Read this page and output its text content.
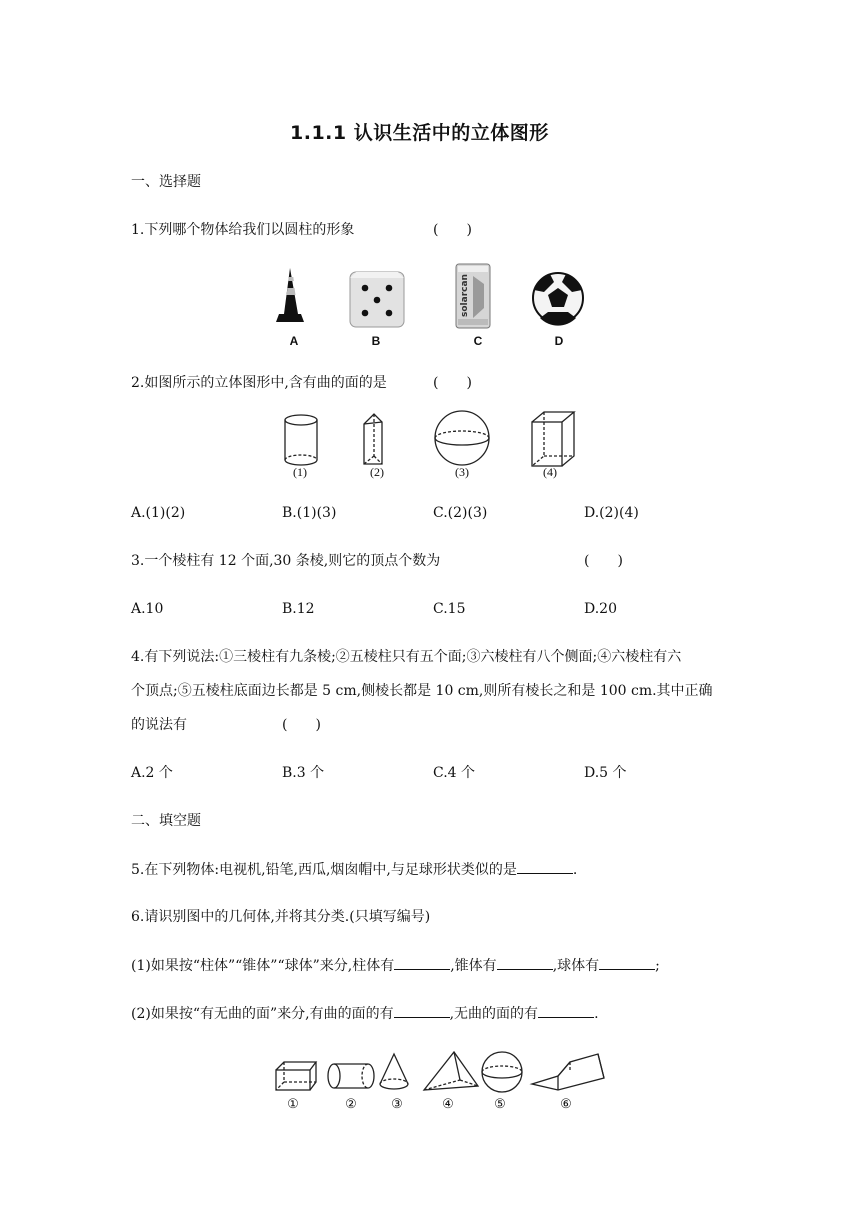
1.1.1 认识生活中的立体图形
一、选择题
1.下列哪个物体给我们以圆柱的形象	(　　)
solarcan
A	B	C	D
2.如图所示的立体图形中,含有曲的面的是	(　　)
(1)	(2)	(3)	(4)
A.(1)(2)	B.(1)(3)	C.(2)(3)	D.(2)(4)
3.一个棱柱有 12 个面,30 条棱,则它的顶点个数为	(　　)
A.10	B.12	C.15	D.20
4.有下列说法:①三棱柱有九条棱;②五棱柱只有五个面;③六棱柱有八个侧面;④六棱柱有六
个顶点;⑤五棱柱底面边长都是 5 cm,侧棱长都是 10 cm,则所有棱长之和是 100 cm.其中正确
的说法有	(　　)
A.2 个	B.3 个	C.4 个	D.5 个
二、填空题
5.在下列物体:电视机,铅笔,西瓜,烟囱帽中,与足球形状类似的是	.
6.请识别图中的几何体,并将其分类.(只填写编号)
(1)如果按“柱体”“锥体”“球体”来分,柱体有	,锥体有	,球体有	;
(2)如果按“有无曲的面”来分,有曲的面的有	,无曲的面的有	.
①	②	③	④	⑤	⑥
